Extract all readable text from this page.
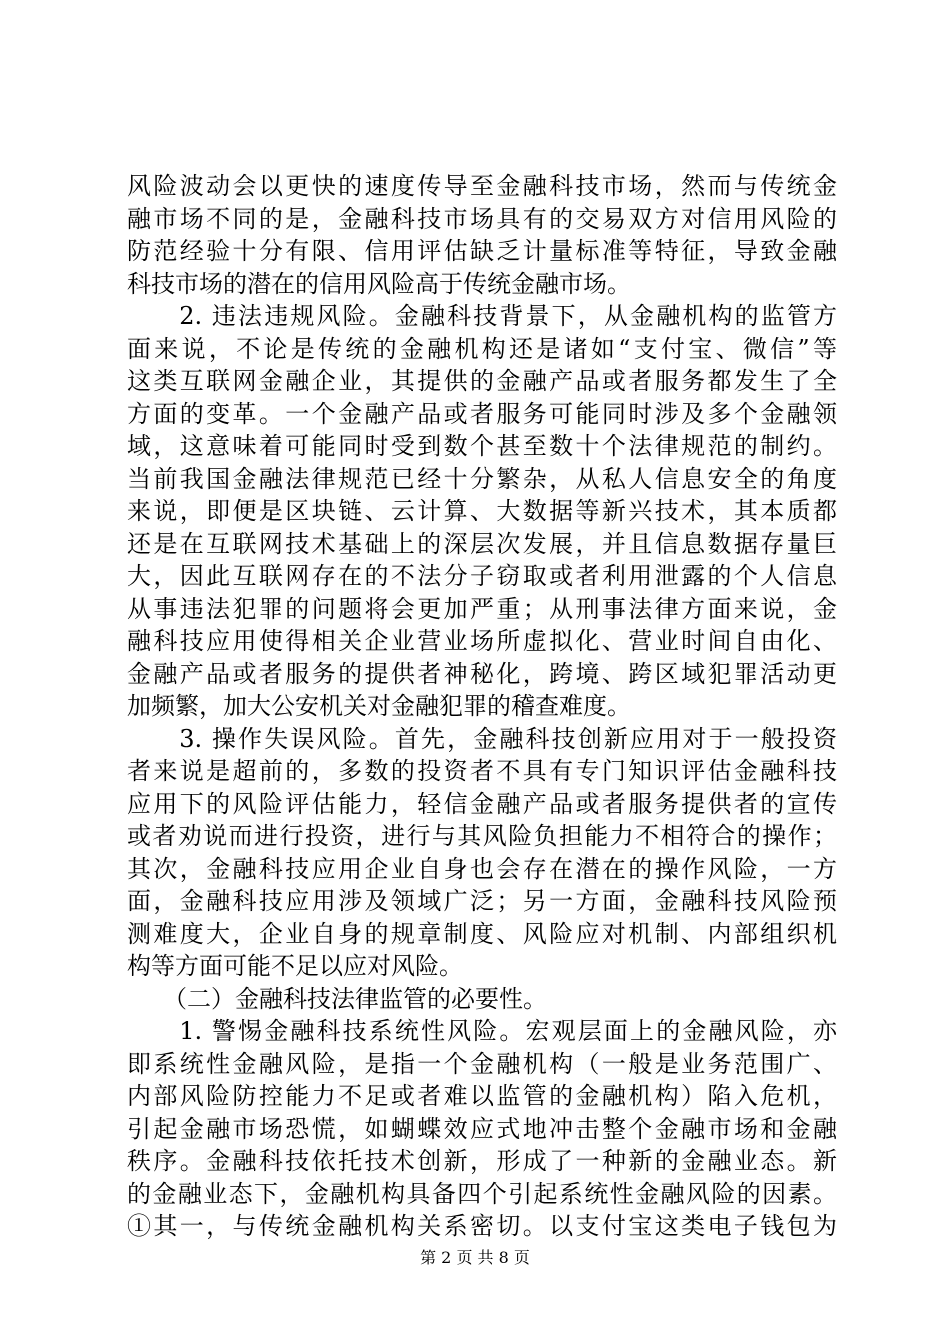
风险波动会以更快的速度传导至金融科技市场，然而与传统金
融市场不同的是，金融科技市场具有的交易双方对信用风险的
防范经验十分有限、信用评估缺乏计量标准等特征，导致金融
科技市场的潜在的信用风险高于传统金融市场。
　　2. 违法违规风险。金融科技背景下，从金融机构的监管方
面来说，不论是传统的金融机构还是诸如“支付宝、微信”等
这类互联网金融企业，其提供的金融产品或者服务都发生了全
方面的变革。一个金融产品或者服务可能同时涉及多个金融领
域，这意味着可能同时受到数个甚至数十个法律规范的制约。
当前我国金融法律规范已经十分繁杂，从私人信息安全的角度
来说，即便是区块链、云计算、大数据等新兴技术，其本质都
还是在互联网技术基础上的深层次发展，并且信息数据存量巨
大，因此互联网存在的不法分子窃取或者利用泄露的个人信息
从事违法犯罪的问题将会更加严重；从刑事法律方面来说，金
融科技应用使得相关企业营业场所虚拟化、营业时间自由化、
金融产品或者服务的提供者神秘化，跨境、跨区域犯罪活动更
加频繁，加大公安机关对金融犯罪的稽查难度。
　　3. 操作失误风险。首先，金融科技创新应用对于一般投资
者来说是超前的，多数的投资者不具有专门知识评估金融科技
应用下的风险评估能力，轻信金融产品或者服务提供者的宣传
或者劝说而进行投资，进行与其风险负担能力不相符合的操作；
其次，金融科技应用企业自身也会存在潜在的操作风险，一方
面，金融科技应用涉及领域广泛；另一方面，金融科技风险预
测难度大，企业自身的规章制度、风险应对机制、内部组织机
构等方面可能不足以应对风险。
　　（二）金融科技法律监管的必要性。
　　1. 警惕金融科技系统性风险。宏观层面上的金融风险，亦
即系统性金融风险，是指一个金融机构（一般是业务范围广、
内部风险防控能力不足或者难以监管的金融机构）陷入危机，
引起金融市场恐慌，如蝴蝶效应式地冲击整个金融市场和金融
秩序。金融科技依托技术创新，形成了一种新的金融业态。新
的金融业态下，金融机构具备四个引起系统性金融风险的因素。
①其一，与传统金融机构关系密切。以支付宝这类电子钱包为
第 2 页 共 8 页
